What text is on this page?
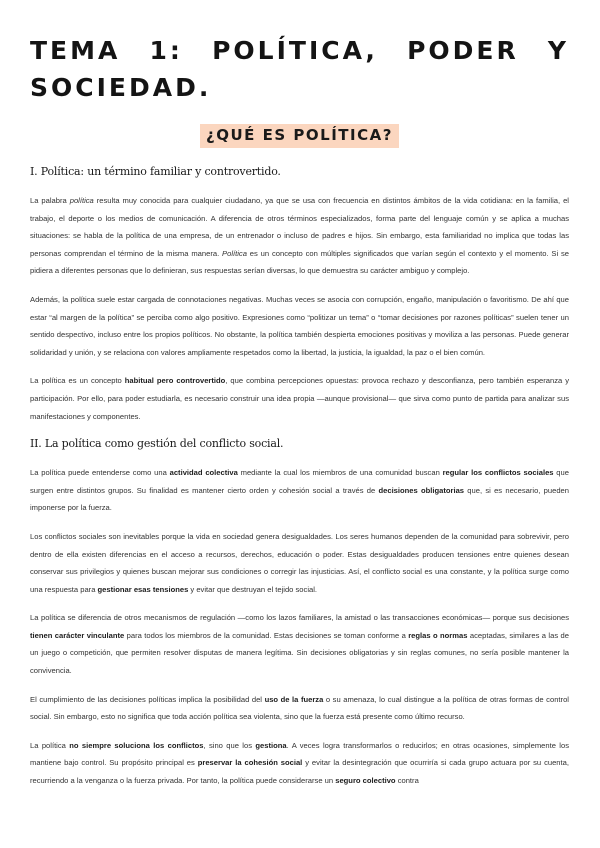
TEMA 1: POLÍTICA, PODER Y
SOCIEDAD.
¿QUÉ ES POLÍTICA?
I. Política: un término familiar y controvertido.

La palabra política resulta muy conocida para cualquier ciudadano, ya que se usa con frecuencia en distintos ámbitos de la vida cotidiana: en la familia, el trabajo, el deporte o los medios de comunicación. A diferencia de otros términos especializados, forma parte del lenguaje común y se aplica a muchas situaciones: se habla de la política de una empresa, de un entrenador o incluso de padres e hijos. Sin embargo, esta familiaridad no implica que todas las personas comprendan el término de la misma manera. Política es un concepto con múltiples significados que varían según el contexto y el momento. Si se pidiera a diferentes personas que lo definieran, sus respuestas serían diversas, lo que demuestra su carácter ambiguo y complejo.

Además, la política suele estar cargada de connotaciones negativas. Muchas veces se asocia con corrupción, engaño, manipulación o favoritismo. De ahí que estar “al margen de la política” se perciba como algo positivo. Expresiones como “politizar un tema” o “tomar decisiones por razones políticas” suelen tener un sentido despectivo, incluso entre los propios políticos. No obstante, la política también despierta emociones positivas y moviliza a las personas. Puede generar solidaridad y unión, y se relaciona con valores ampliamente respetados como la libertad, la justicia, la igualdad, la paz o el bien común.

La política es un concepto habitual pero controvertido, que combina percepciones opuestas: provoca rechazo y desconfianza, pero también esperanza y participación. Por ello, para poder estudiarla, es necesario construir una idea propia —aunque provisional— que sirva como punto de partida para analizar sus manifestaciones y componentes.

II. La política como gestión del conflicto social.

La política puede entenderse como una actividad colectiva mediante la cual los miembros de una comunidad buscan regular los conflictos sociales que surgen entre distintos grupos. Su finalidad es mantener cierto orden y cohesión social a través de decisiones obligatorias que, si es necesario, pueden imponerse por la fuerza.

Los conflictos sociales son inevitables porque la vida en sociedad genera desigualdades. Los seres humanos dependen de la comunidad para sobrevivir, pero dentro de ella existen diferencias en el acceso a recursos, derechos, educación o poder. Estas desigualdades producen tensiones entre quienes desean conservar sus privilegios y quienes buscan mejorar sus condiciones o corregir las injusticias. Así, el conflicto social es una constante, y la política surge como una respuesta para gestionar esas tensiones y evitar que destruyan el tejido social.

La política se diferencia de otros mecanismos de regulación —como los lazos familiares, la amistad o las transacciones económicas— porque sus decisiones tienen carácter vinculante para todos los miembros de la comunidad. Estas decisiones se toman conforme a reglas o normas aceptadas, similares a las de un juego o competición, que permiten resolver disputas de manera legítima. Sin decisiones obligatorias y sin reglas comunes, no sería posible mantener la convivencia.

El cumplimiento de las decisiones políticas implica la posibilidad del uso de la fuerza o su amenaza, lo cual distingue a la política de otras formas de control social. Sin embargo, esto no significa que toda acción política sea violenta, sino que la fuerza está presente como último recurso.

La política no siempre soluciona los conflictos, sino que los gestiona. A veces logra transformarlos o reducirlos; en otras ocasiones, simplemente los mantiene bajo control. Su propósito principal es preservar la cohesión social y evitar la desintegración que ocurriría si cada grupo actuara por su cuenta, recurriendo a la venganza o la fuerza privada. Por tanto, la política puede considerarse un seguro colectivo contra
